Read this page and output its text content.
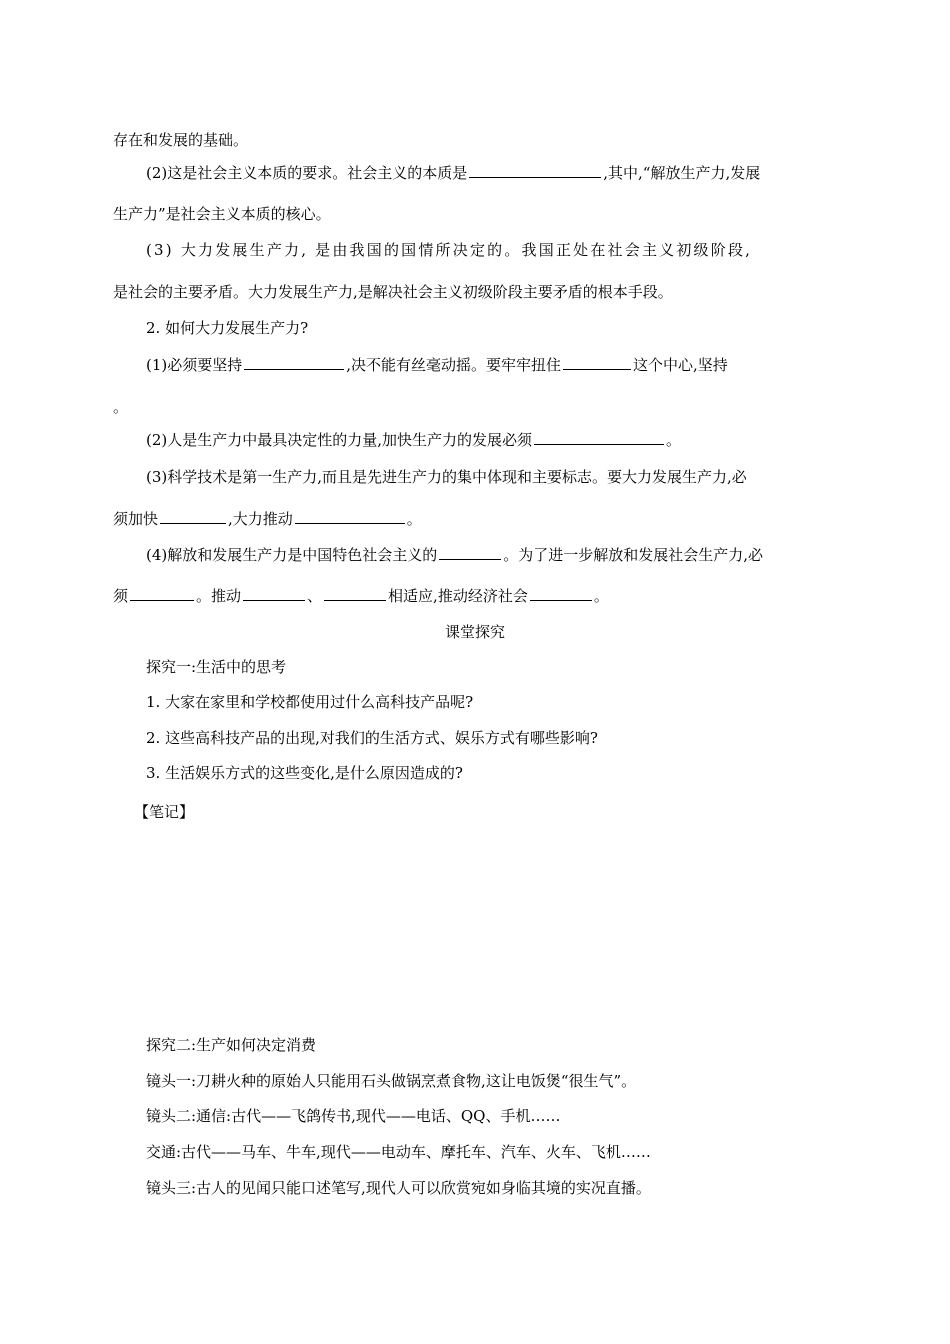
存在和发展的基础。
(2)这是社会主义本质的要求。社会主义的本质是	,其中,“解放生产力,发展
生产力”是社会主义本质的核心。
(3) 大力发展生产力, 是由我国的国情所决定的。我国正处在社会主义初级阶段,
是社会的主要矛盾。大力发展生产力,是解决社会主义初级阶段主要矛盾的根本手段。
2. 如何大力发展生产力?
(1)必须要坚持	,决不能有丝毫动摇。要牢牢扭住	这个中心,坚持
。
(2)人是生产力中最具决定性的力量,加快生产力的发展必须	。
(3)科学技术是第一生产力,而且是先进生产力的集中体现和主要标志。要大力发展生产力,必
须加快	,大力推动	。
(4)解放和发展生产力是中国特色社会主义的	。为了进一步解放和发展社会生产力,必
须	。推动	、	相适应,推动经济社会	。
课堂探究
探究一:生活中的思考
1. 大家在家里和学校都使用过什么高科技产品呢?
2. 这些高科技产品的出现,对我们的生活方式、娱乐方式有哪些影响?
3. 生活娱乐方式的这些变化,是什么原因造成的?
【笔记】
探究二:生产如何决定消费
镜头一:刀耕火种的原始人只能用石头做锅烹煮食物,这让电饭煲“很生气”。
镜头二:通信:古代——飞鸽传书,现代——电话、QQ、手机……
交通:古代——马车、牛车,现代——电动车、摩托车、汽车、火车、飞机……
镜头三:古人的见闻只能口述笔写,现代人可以欣赏宛如身临其境的实况直播。
